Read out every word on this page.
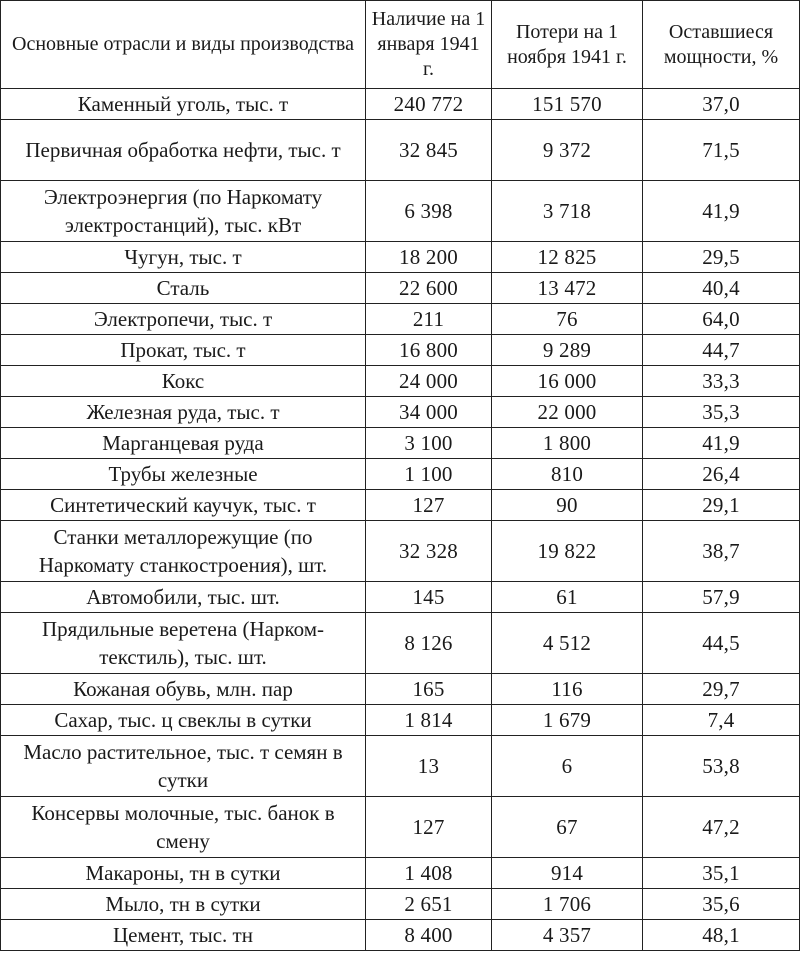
Основные отрасли и виды производства	Наличие на 1 января 1941 г.	Потери на 1 ноября 1941 г.	Оставшиеся мощности, %
Каменный уголь, тыс. т	240 772	151 570	37,0
Первичная обработка нефти, тыс. т	32 845	9 372	71,5
Электроэнергия (по Наркомату электростанций), тыс. кВт	6 398	3 718	41,9
Чугун, тыс. т	18 200	12 825	29,5
Сталь	22 600	13 472	40,4
Электропечи, тыс. т	211	76	64,0
Прокат, тыс. т	16 800	9 289	44,7
Кокс	24 000	16 000	33,3
Железная руда, тыс. т	34 000	22 000	35,3
Марганцевая руда	3 100	1 800	41,9
Трубы железные	1 100	810	26,4
Синтетический каучук, тыс. т	127	90	29,1
Станки металлорежущие (по Наркомату станкостроения), шт.	32 328	19 822	38,7
Автомобили, тыс. шт.	145	61	57,9
Прядильные веретена (Нарком-текстиль), тыс. шт.	8 126	4 512	44,5
Кожаная обувь, млн. пар	165	116	29,7
Сахар, тыс. ц свеклы в сутки	1 814	1 679	7,4
Масло растительное, тыс. т семян в сутки	13	6	53,8
Консервы молочные, тыс. банок в смену	127	67	47,2
Макароны, тн в сутки	1 408	914	35,1
Мыло, тн в сутки	2 651	1 706	35,6
Цемент, тыс. тн	8 400	4 357	48,1
